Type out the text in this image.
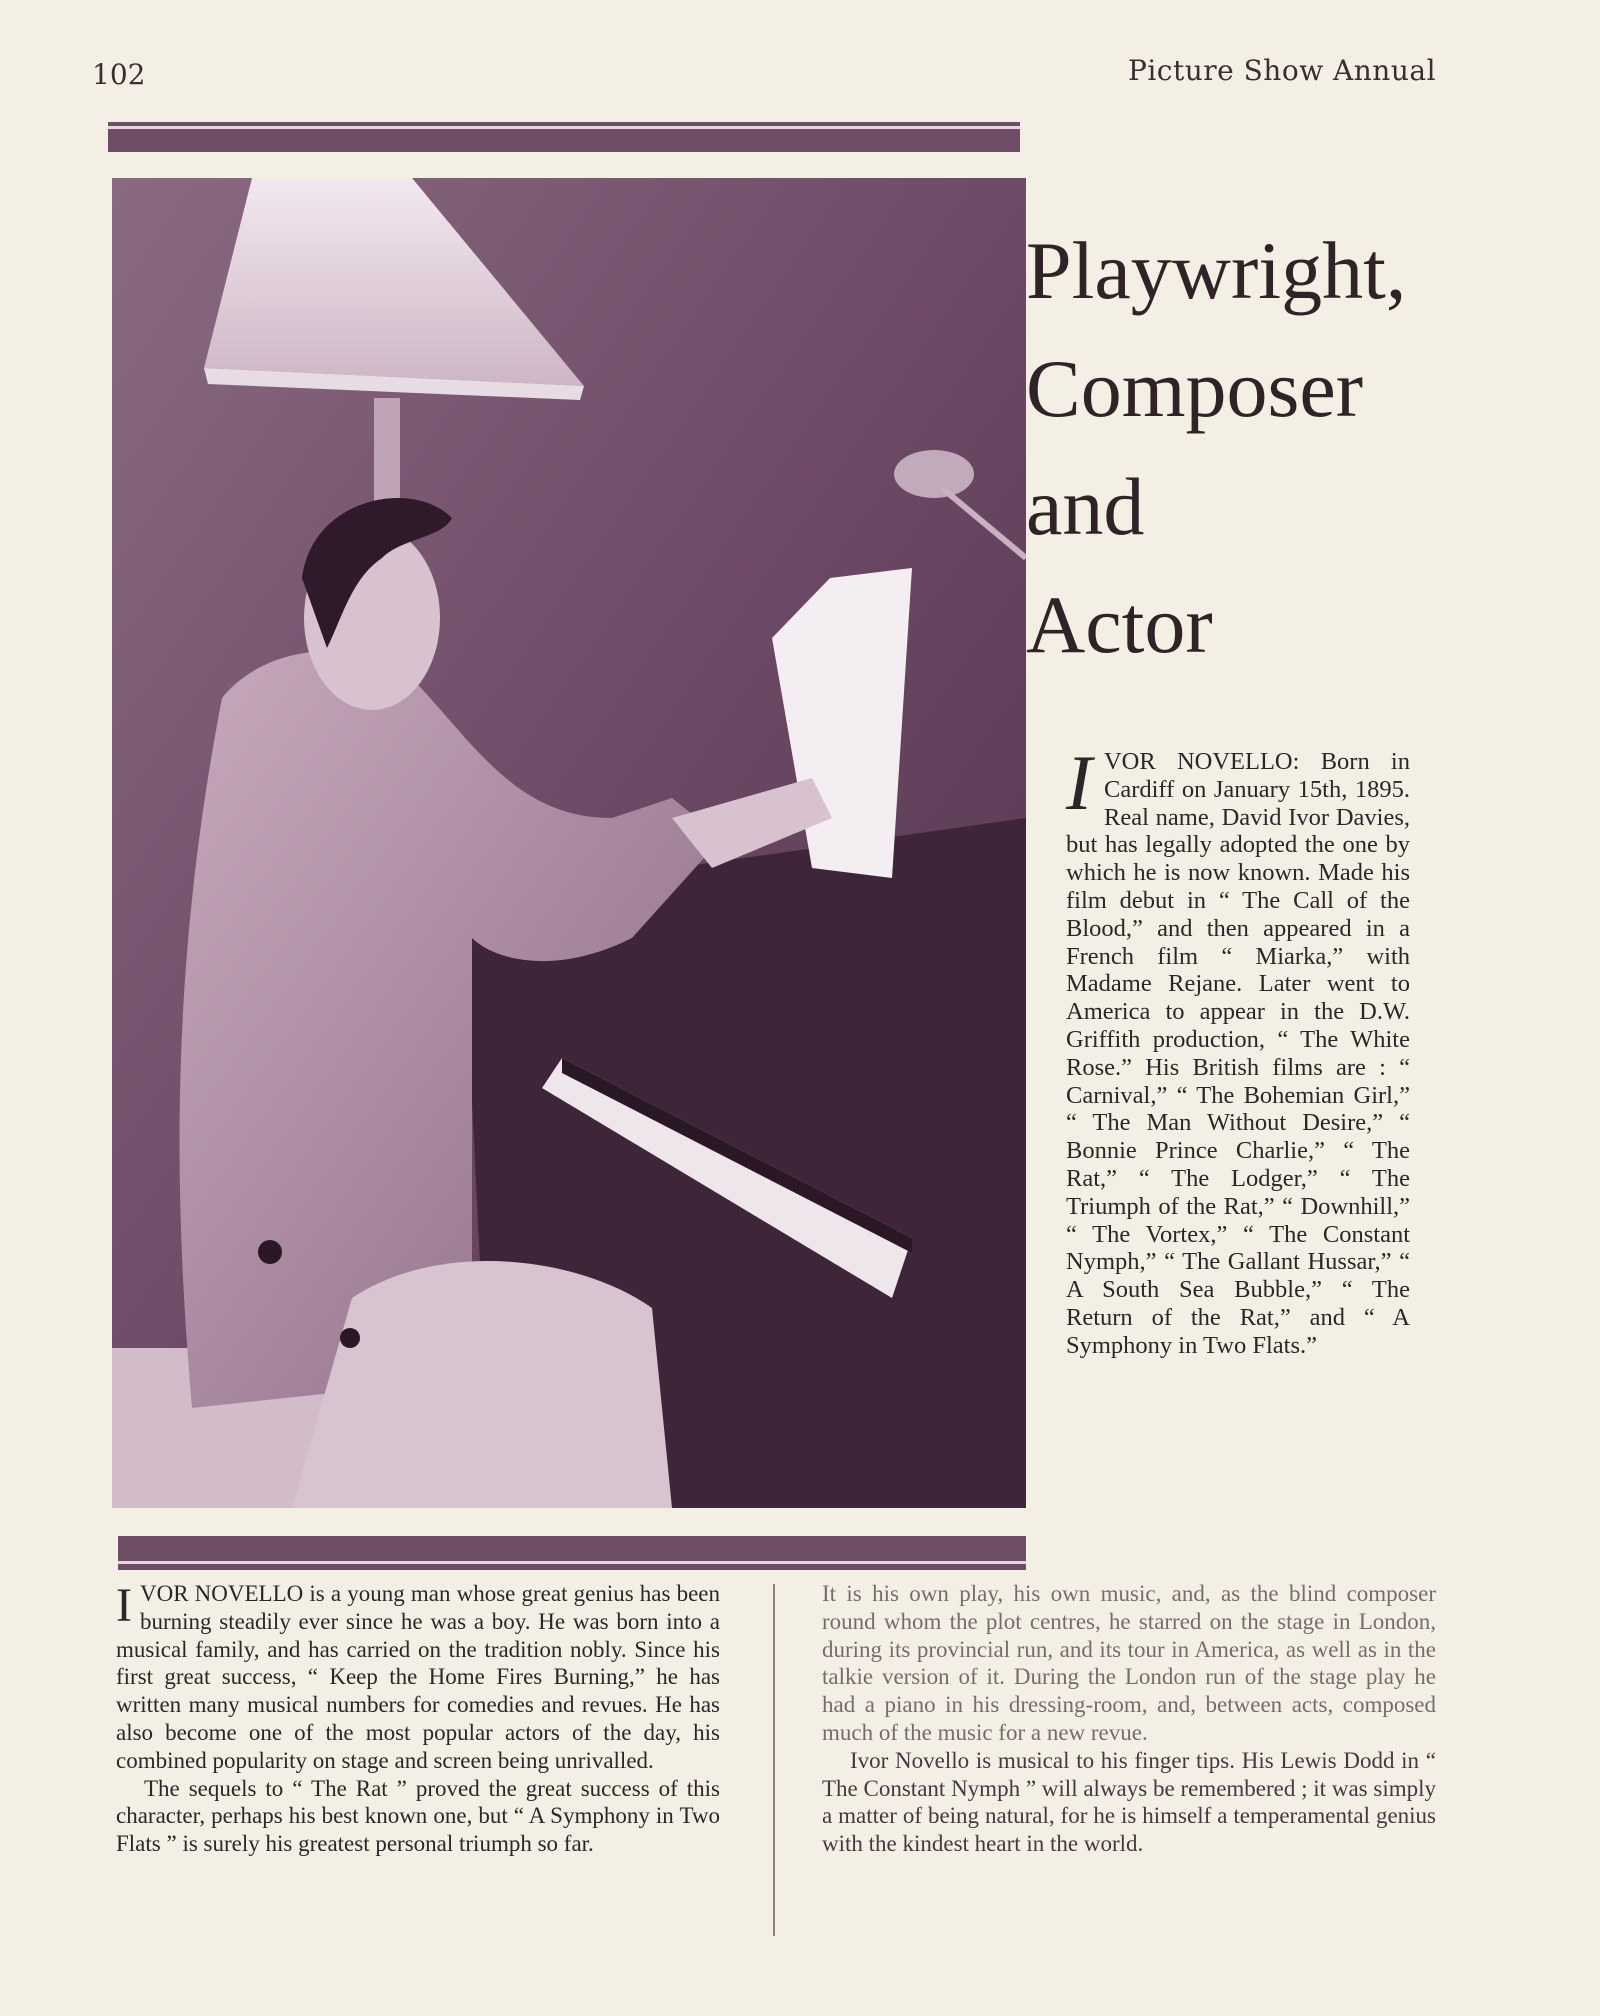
102	Picture Show Annual
Playwright,
Composer
and
Actor
IVOR NOVELLO: Born in Cardiff on January 15th, 1895. Real name, David Ivor Davies, but has legally adopted the one by which he is now known. Made his film debut in “ The Call of the Blood,” and then appeared in a French film “ Miarka,” with Madame Rejane. Later went to America to appear in the D.W. Griffith production, “ The White Rose.” His British films are : “ Carnival,” “ The Bohemian Girl,” “ The Man Without Desire,” “ Bonnie Prince Charlie,” “ The Rat,” “ The Lodger,” “ The Triumph of the Rat,” “ Downhill,” “ The Vortex,” “ The Constant Nymph,” “ The Gallant Hussar,” “ A South Sea Bubble,” “ The Return of the Rat,” and “ A Symphony in Two Flats.”

IVOR NOVELLO is a young man whose great genius has been burning steadily ever since he was a boy. He was born into a musical family, and has carried on the tradition nobly. Since his first great success, “ Keep the Home Fires Burning,” he has written many musical numbers for comedies and revues. He has also become one of the most popular actors of the day, his combined popularity on stage and screen being unrivalled.

The sequels to “ The Rat ” proved the great success of this character, perhaps his best known one, but “ A Symphony in Two Flats ” is surely his greatest personal triumph so far.

It is his own play, his own music, and, as the blind composer round whom the plot centres, he starred on the stage in London, during its provincial run, and its tour in America, as well as in the talkie version of it. During the London run of the stage play he had a piano in his dressing-room, and, between acts, composed much of the music for a new revue.

Ivor Novello is musical to his finger tips. His Lewis Dodd in “ The Constant Nymph ” will always be remembered ; it was simply a matter of being natural, for he is himself a temperamental genius with the kindest heart in the world.
